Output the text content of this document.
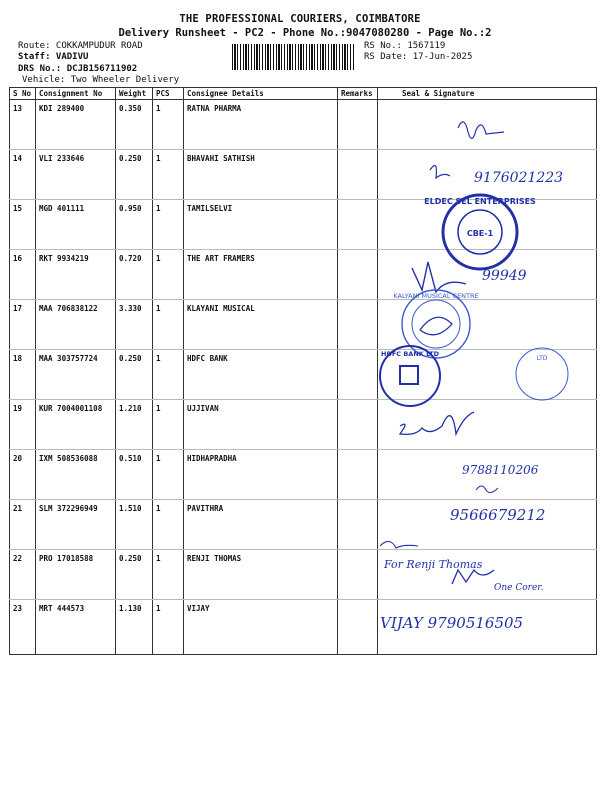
THE PROFESSIONAL COURIERS, COIMBATORE
Delivery Runsheet - PC2 - Phone No.:9047080280 - Page No.:2
Route: COKKAMPUDUR ROAD
Staff: VADIVU
DRS No.: DCJB156711902
Vehicle: Two Wheeler Delivery
RS No.: 1567119
RS Date: 17-Jun-2025
S No	Consignment No	Weight	PCS	Consignee Details	Remarks	Seal & Signature
13	KDI 289400	0.350	1	RATNA PHARMA		
14	VLI 233646	0.250	1	BHAVAHI SATHISH		
15	MGD 401111	0.950	1	TAMILSELVI		
16	RKT 9934219	0.720	1	THE ART FRAMERS		
17	MAA 706838122	3.330	1	KLAYANI MUSICAL		
18	MAA 303757724	0.250	1	HDFC BANK		
19	KUR 7004001108	1.210	1	UJJIVAN		
20	IXM 508536088	0.510	1	HIDHAPRADHA		
21	SLM 372296949	1.510	1	PAVITHRA		
22	PRO 17018588	0.250	1	RENJI THOMAS		
23	MRT 444573	1.130	1	VIJAY		
9176021223
ELDEC SEL ENTERPRISES
CBE-1
99949
KALYANI MUSICAL CENTRE
HDFC BANK LTD
LTD
9788110206
9566679212
For Renji Thomas
One Corer.
VIJAY 9790516505
